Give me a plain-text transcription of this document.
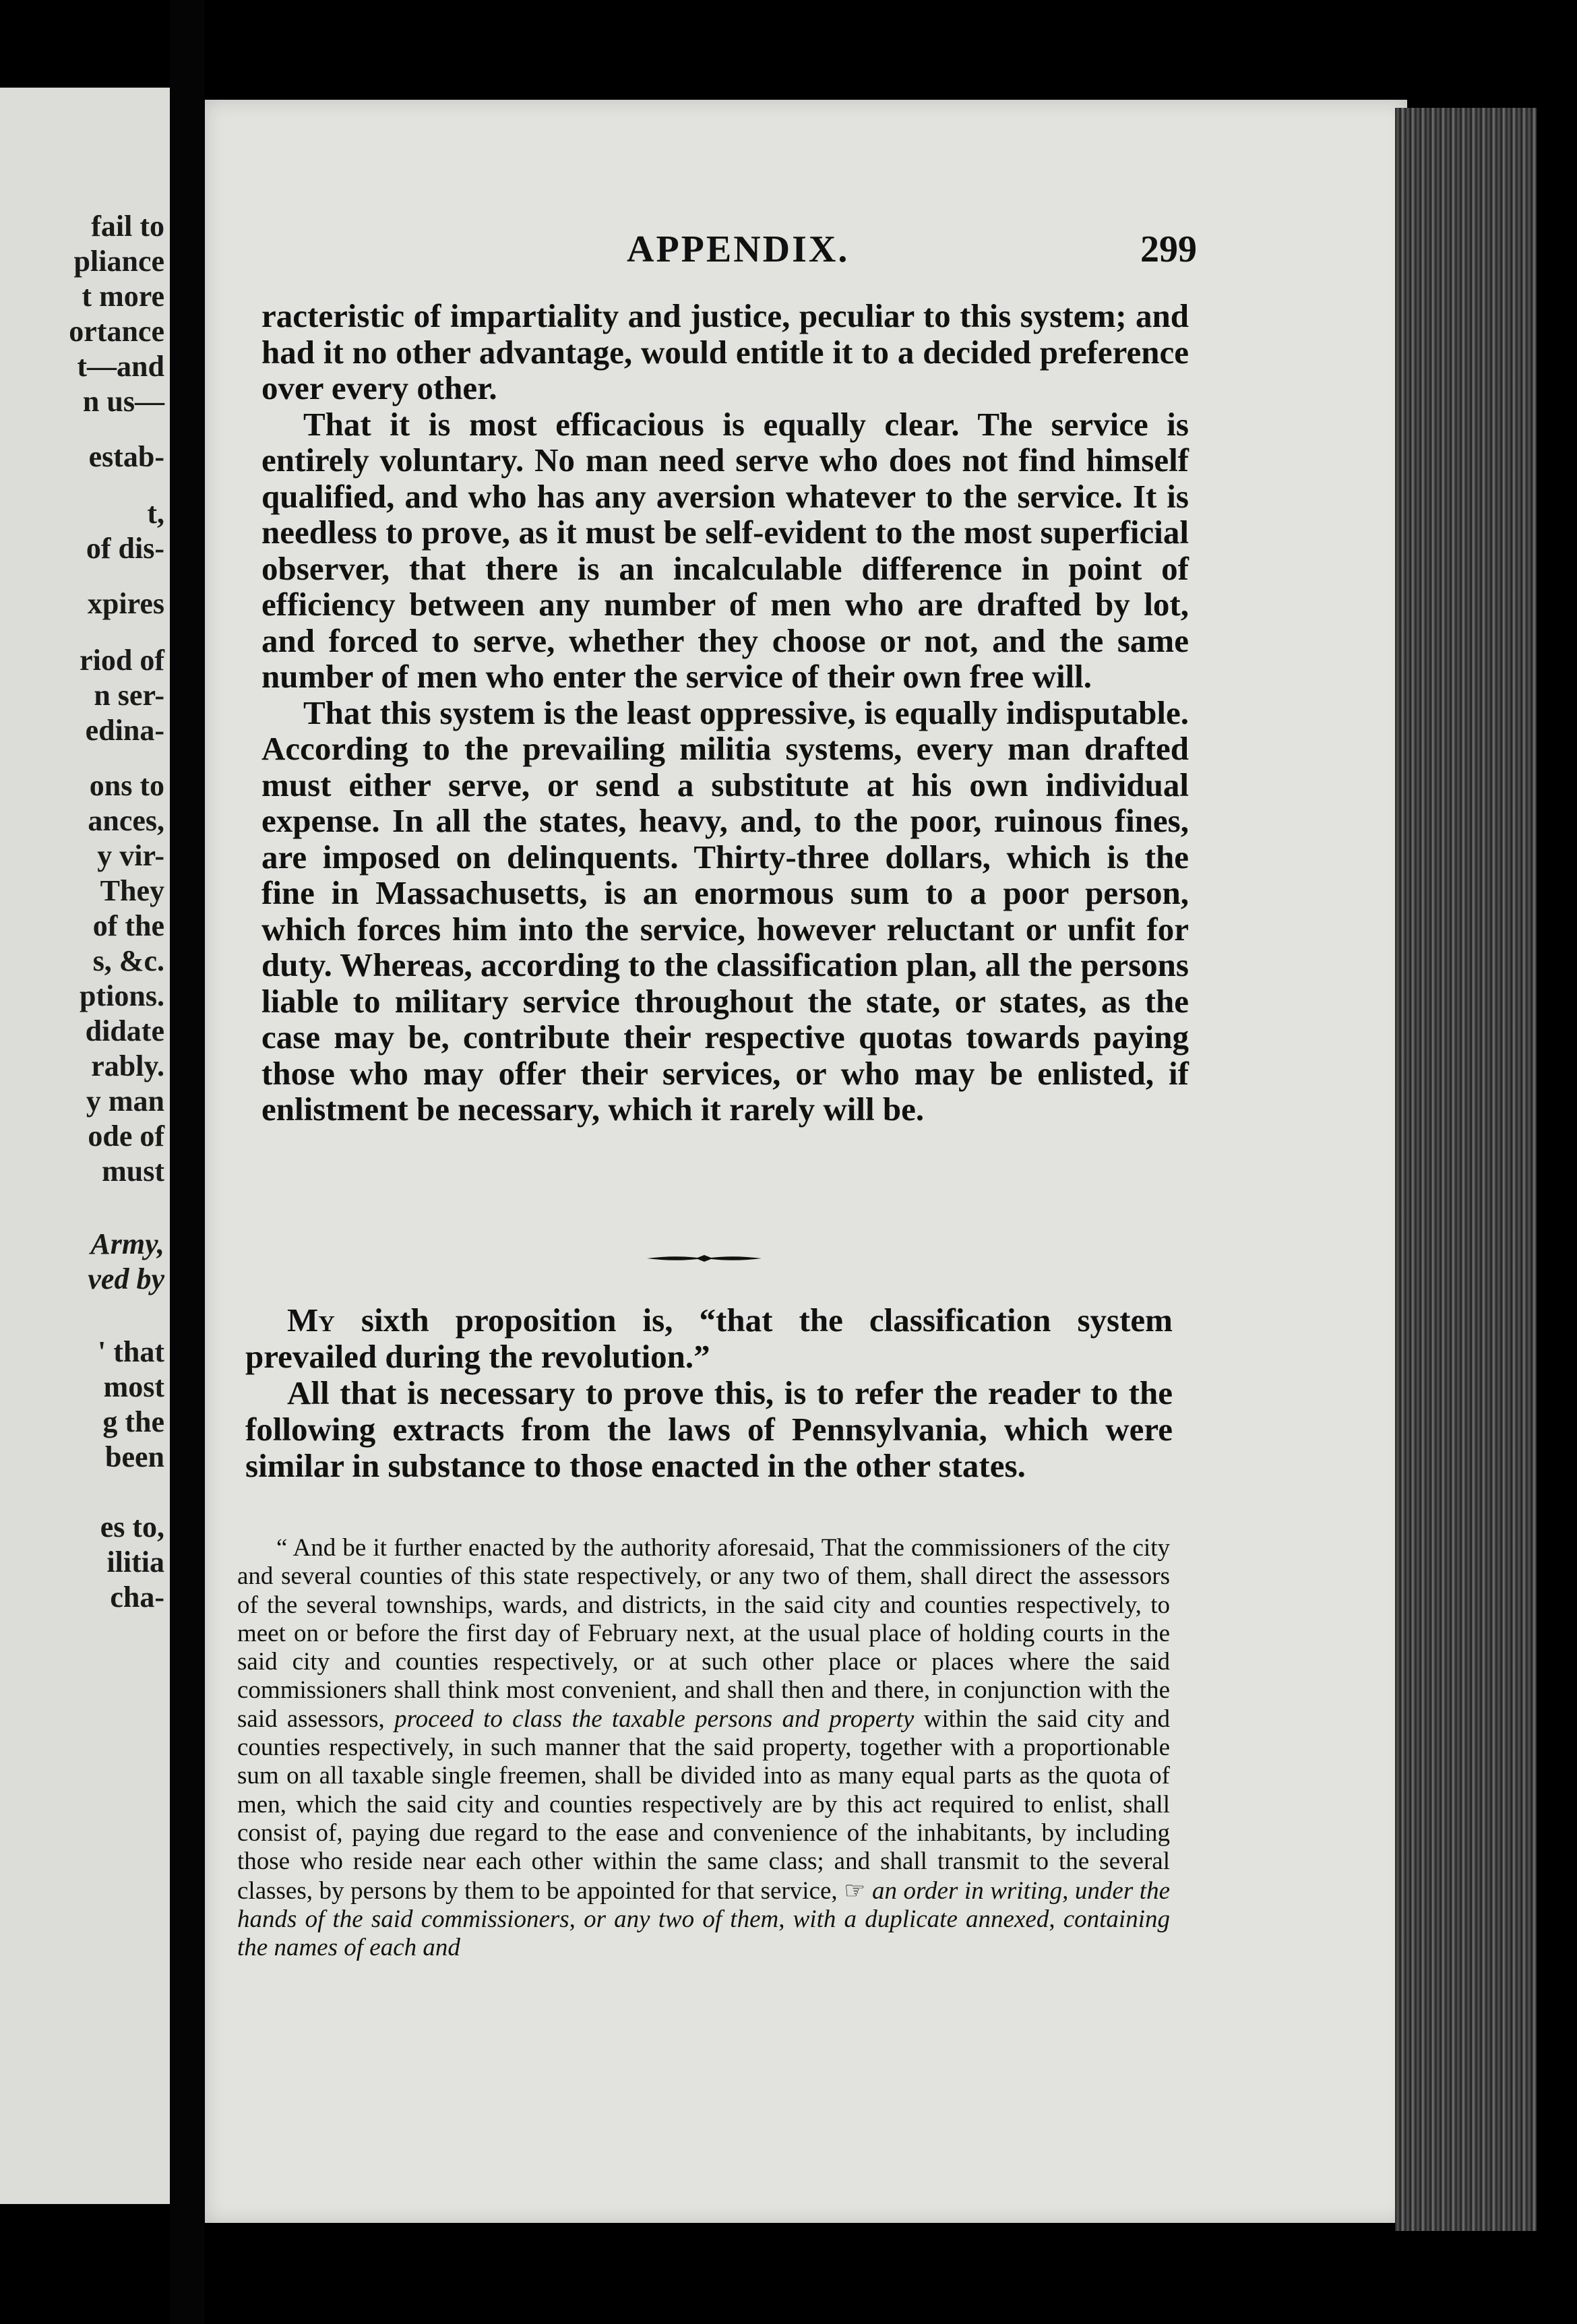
fail to
pliance
t more
ortance
t—and
n us—
estab-
t,
of dis-
xpires
riod of
n ser-
edina-
ons to
ances,
y vir-
They
of the
s, &c.
ptions.
didate
rably.
y man
ode of
must
Army,
ved by
' that
most
g the
been
es to,
ilitia
cha-
APPENDIX.	299

racteristic of impartiality and justice, peculiar to this system; and had it no other advantage, would entitle it to a decided preference over every other.

That it is most efficacious is equally clear. The service is entirely voluntary. No man need serve who does not find himself qualified, and who has any aversion whatever to the service. It is needless to prove, as it must be self-evident to the most superficial observer, that there is an incalculable difference in point of efficiency between any number of men who are drafted by lot, and forced to serve, whether they choose or not, and the same number of men who enter the service of their own free will.

That this system is the least oppressive, is equally indisputable. According to the prevailing militia systems, every man drafted must either serve, or send a substitute at his own individual expense. In all the states, heavy, and, to the poor, ruinous fines, are imposed on delinquents. Thirty-three dollars, which is the fine in Massachusetts, is an enormous sum to a poor person, which forces him into the service, however reluctant or unfit for duty. Whereas, according to the classification plan, all the persons liable to military service throughout the state, or states, as the case may be, contribute their respective quotas towards paying those who may offer their services, or who may be enlisted, if enlistment be necessary, which it rarely will be.

My sixth proposition is, “that the classification system prevailed during the revolution.”

All that is necessary to prove this, is to refer the reader to the following extracts from the laws of Pennsylvania, which were similar in substance to those enacted in the other states.

“ And be it further enacted by the authority aforesaid, That the commissioners of the city and several counties of this state respectively, or any two of them, shall direct the assessors of the several townships, wards, and districts, in the said city and counties respectively, to meet on or before the first day of February next, at the usual place of holding courts in the said city and counties respectively, or at such other place or places where the said commissioners shall think most convenient, and shall then and there, in conjunction with the said assessors, proceed to class the taxable persons and property within the said city and counties respectively, in such manner that the said property, together with a proportionable sum on all taxable single freemen, shall be divided into as many equal parts as the quota of men, which the said city and counties respectively are by this act required to enlist, shall consist of, paying due regard to the ease and convenience of the inhabitants, by including those who reside near each other within the same class; and shall transmit to the several classes, by persons by them to be appointed for that service, ☞ an order in writing, under the hands of the said commissioners, or any two of them, with a duplicate annexed, containing the names of each and
